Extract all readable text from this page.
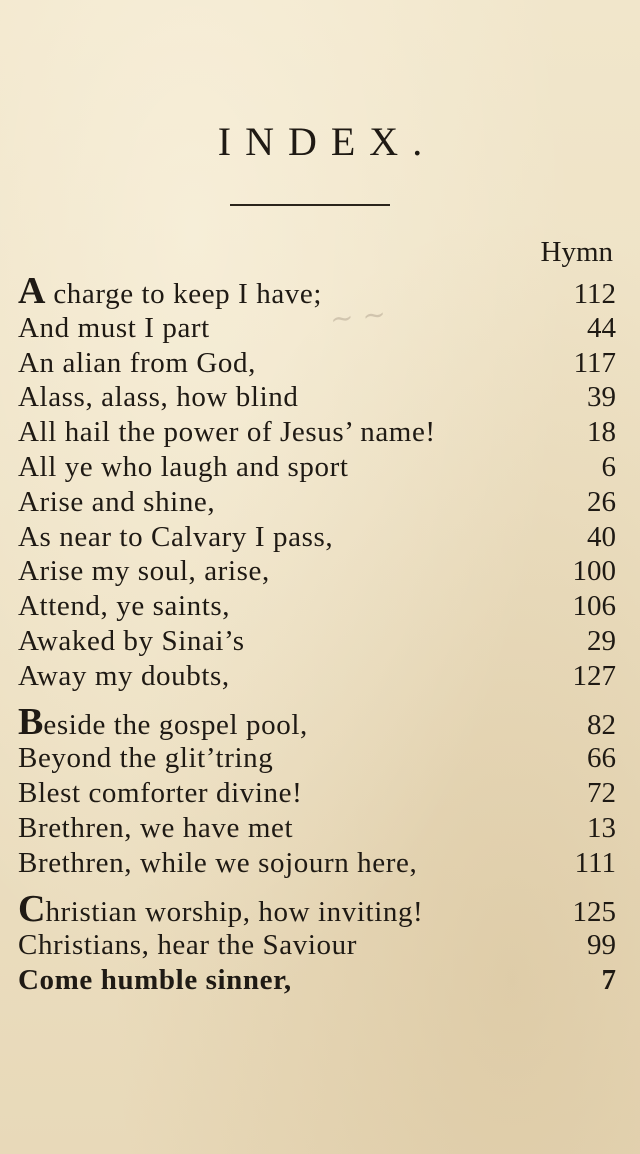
~ ~
INDEX.
Hymn
A charge to keep I have;	112
And must I part	44
An alian from God,	117
Alass, alass, how blind	39
All hail the power of Jesus’ name!	18
All ye who laugh and sport	6
Arise and shine,	26
As near to Calvary I pass,	40
Arise my soul, arise,	100
Attend, ye saints,	106
Awaked by Sinai’s	29
Away my doubts,	127
Beside the gospel pool,	82
Beyond the glit’tring	66
Blest comforter divine!	72
Brethren, we have met	13
Brethren, while we sojourn here,	111
Christian worship, how inviting!	125
Christians, hear the Saviour	99
Come humble sinner,	7
